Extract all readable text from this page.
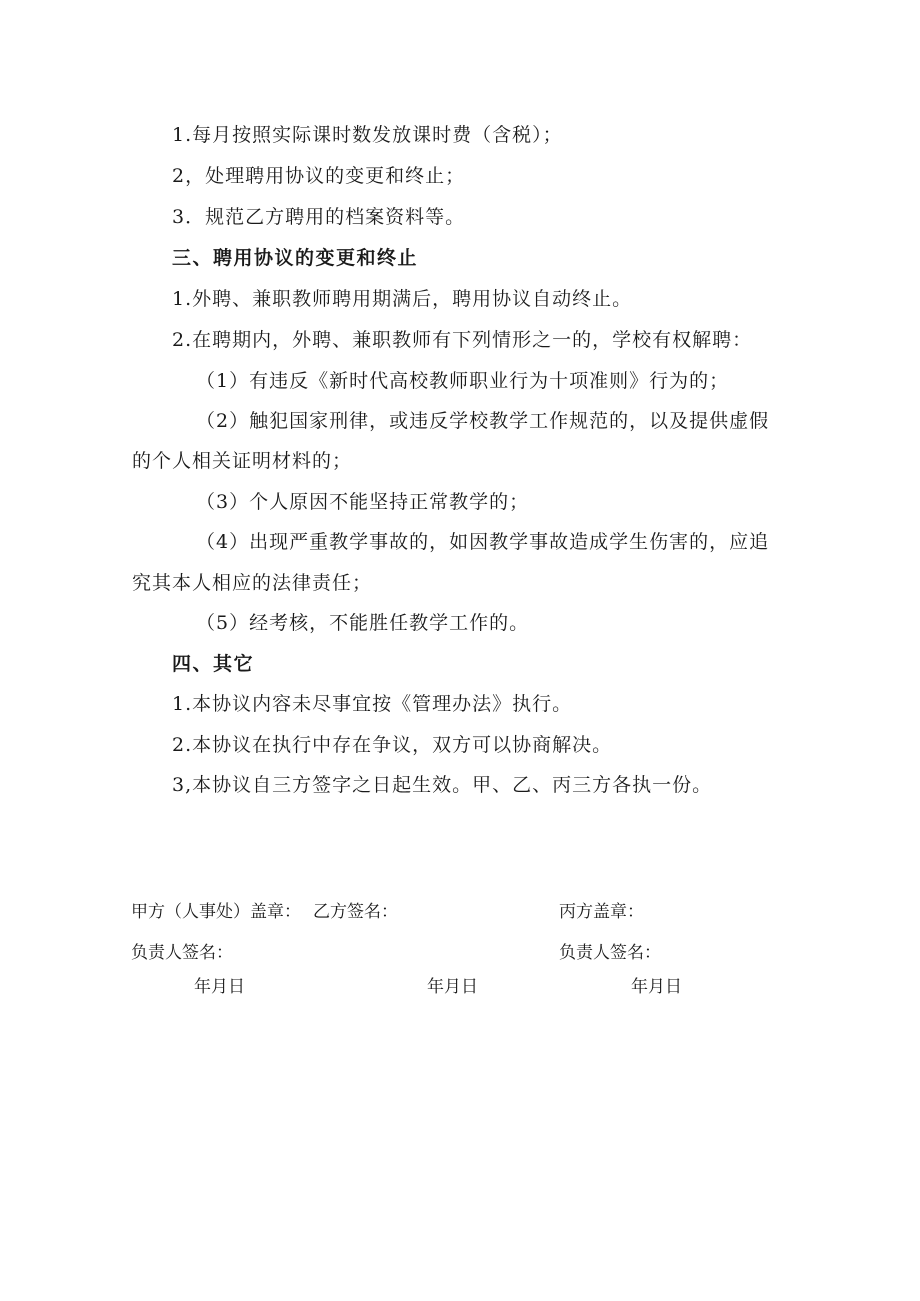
1.每月按照实际课时数发放课时费（含税）；
2，处理聘用协议的变更和终止；
3．规范乙方聘用的档案资料等。
三、聘用协议的变更和终止
1.外聘、兼职教师聘用期满后，聘用协议自动终止。
2.在聘期内，外聘、兼职教师有下列情形之一的，学校有权解聘：
（1）有违反《新时代高校教师职业行为十项准则》行为的；
（2）触犯国家刑律，或违反学校教学工作规范的，以及提供虚假
的个人相关证明材料的；
（3）个人原因不能坚持正常教学的；
（4）出现严重教学事故的，如因教学事故造成学生伤害的，应追
究其本人相应的法律责任；
（5）经考核，不能胜任教学工作的。
四、其它
1.本协议内容未尽事宜按《管理办法》执行。
2.本协议在执行中存在争议，双方可以协商解决。
3,本协议自三方签字之日起生效。甲、乙、丙三方各执一份。
甲方（人事处）盖章： 乙方签名：	丙方盖章：
负责人签名：	负责人签名：
年月日	年月日	年月日
